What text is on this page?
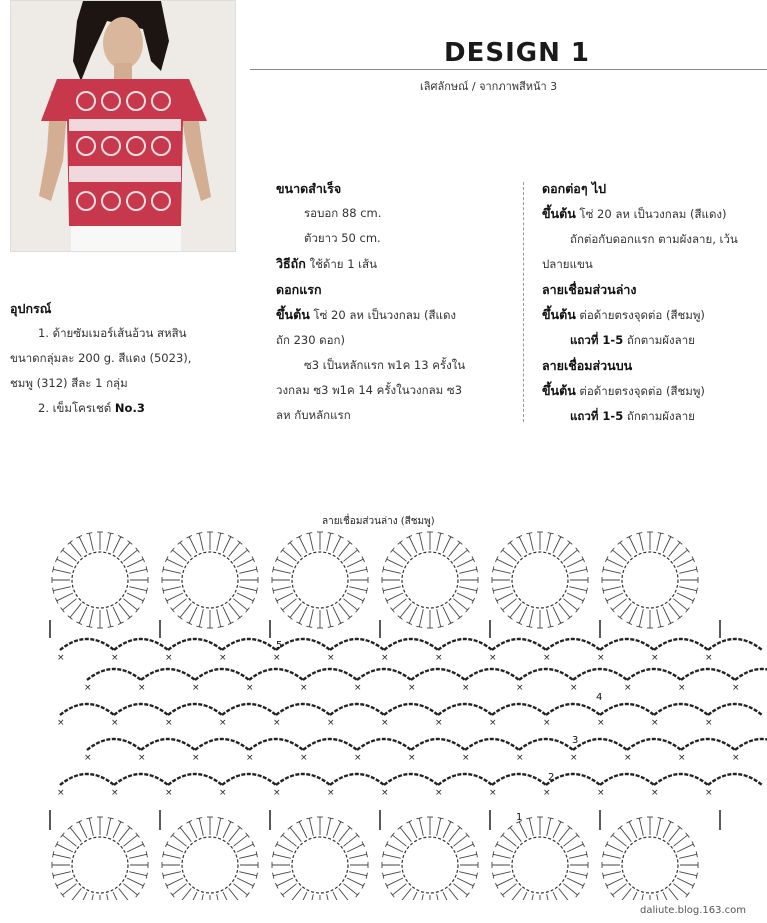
DESIGN 1
เลิศลักษณ์ / จากภาพสีหน้า 3
อุปกรณ์
1. ด้ายซัมเมอร์เส้นอ้วน สหสิน
ขนาดกลุ่มละ 200 g. สีแดง (5023),
ชมพู (312) สีละ 1 กลุ่ม
2. เข็มโครเชต์ No.3
ขนาดสำเร็จ
รอบอก 88 cm.
ตัวยาว 50 cm.
วิธีถัก ใช้ด้าย 1 เส้น
ดอกแรก
ขึ้นต้น โซ่ 20 ลห เป็นวงกลม (สีแดง
ถัก 230 ดอก)
ซ3 เป็นหลักแรก พ1ค 13 ครั้งใน
วงกลม ซ3 พ1ค 14 ครั้งในวงกลม ซ3
ลห กับหลักแรก
ดอกต่อๆ ไป
ขึ้นต้น โซ่ 20 ลห เป็นวงกลม (สีแดง)
ถักต่อกับดอกแรก ตามผังลาย, เว้น
ปลายแขน
ลายเชื่อมส่วนล่าง
ขึ้นต้น ต่อด้ายตรงจุดต่อ (สีชมพู)
แถวที่ 1-5 ถักตามผังลาย
ลายเชื่อมส่วนบน
ขึ้นต้น ต่อด้ายตรงจุดต่อ (สีชมพู)
แถวที่ 1-5 ถักตามผังลาย
ลายเชื่อมส่วนล่าง (สีชมพู)
×	×	×	×	×	×	×	×	×	×	×	×	×
×	×	×	×	×	×	×	×	×	×	×	×	×
×	×	×	×	×	×	×	×	×	×	×	×	×
×	×	×	×	×	×	×	×	×	×	×	×	×
×	×	×	×	×	×	×	×	×	×	×	×	×
1
2
3
4
5
daliute.blog.163.com
